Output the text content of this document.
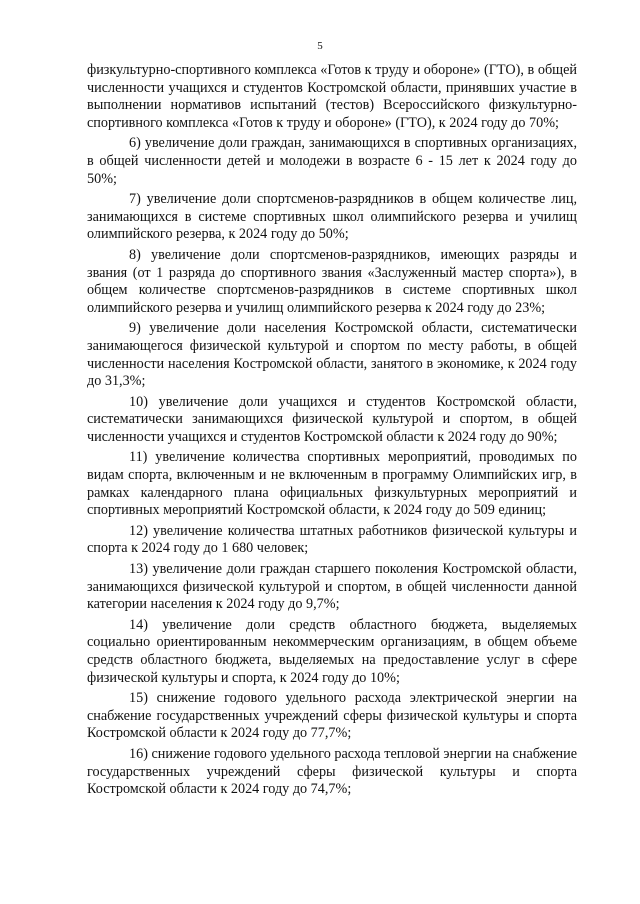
5

физкультурно-спортивного комплекса «Готов к труду и обороне» (ГТО), в общей численности учащихся и студентов Костромской области, принявших участие в выполнении нормативов испытаний (тестов) Всероссийского физкультурно-спортивного комплекса «Готов к труду и обороне» (ГТО), к 2024 году до 70%;

6) увеличение доли граждан, занимающихся в спортивных организациях, в общей численности детей и молодежи в возрасте 6 - 15 лет к 2024 году до 50%;

7) увеличение доли спортсменов-разрядников в общем количестве лиц, занимающихся в системе спортивных школ олимпийского резерва и училищ олимпийского резерва, к 2024 году до 50%;

8) увеличение доли спортсменов-разрядников, имеющих разряды и звания (от 1 разряда до спортивного звания «Заслуженный мастер спорта»), в общем количестве спортсменов-разрядников в системе спортивных школ олимпийского резерва и училищ олимпийского резерва к 2024 году до 23%;

9) увеличение доли населения Костромской области, систематически занимающегося физической культурой и спортом по месту работы, в общей численности населения Костромской области, занятого в экономике, к 2024 году до 31,3%;

10) увеличение доли учащихся и студентов Костромской области, систематически занимающихся физической культурой и спортом, в общей численности учащихся и студентов Костромской области к 2024 году до 90%;

11) увеличение количества спортивных мероприятий, проводимых по видам спорта, включенным и не включенным в программу Олимпийских игр, в рамках календарного плана официальных физкультурных мероприятий и спортивных мероприятий Костромской области, к 2024 году до 509 единиц;

12) увеличение количества штатных работников физической культуры и спорта к 2024 году до 1 680 человек;

13) увеличение доли граждан старшего поколения Костромской области, занимающихся физической культурой и спортом, в общей численности данной категории населения к 2024 году до 9,7%;

14) увеличение доли средств областного бюджета, выделяемых социально ориентированным некоммерческим организациям, в общем объеме средств областного бюджета, выделяемых на предоставление услуг в сфере физической культуры и спорта, к 2024 году до 10%;

15) снижение годового удельного расхода электрической энергии на снабжение государственных учреждений сферы физической культуры и спорта Костромской области к 2024 году до 77,7%;

16) снижение годового удельного расхода тепловой энергии на снабжение государственных учреждений сферы физической культуры и спорта Костромской области к 2024 году до 74,7%;
